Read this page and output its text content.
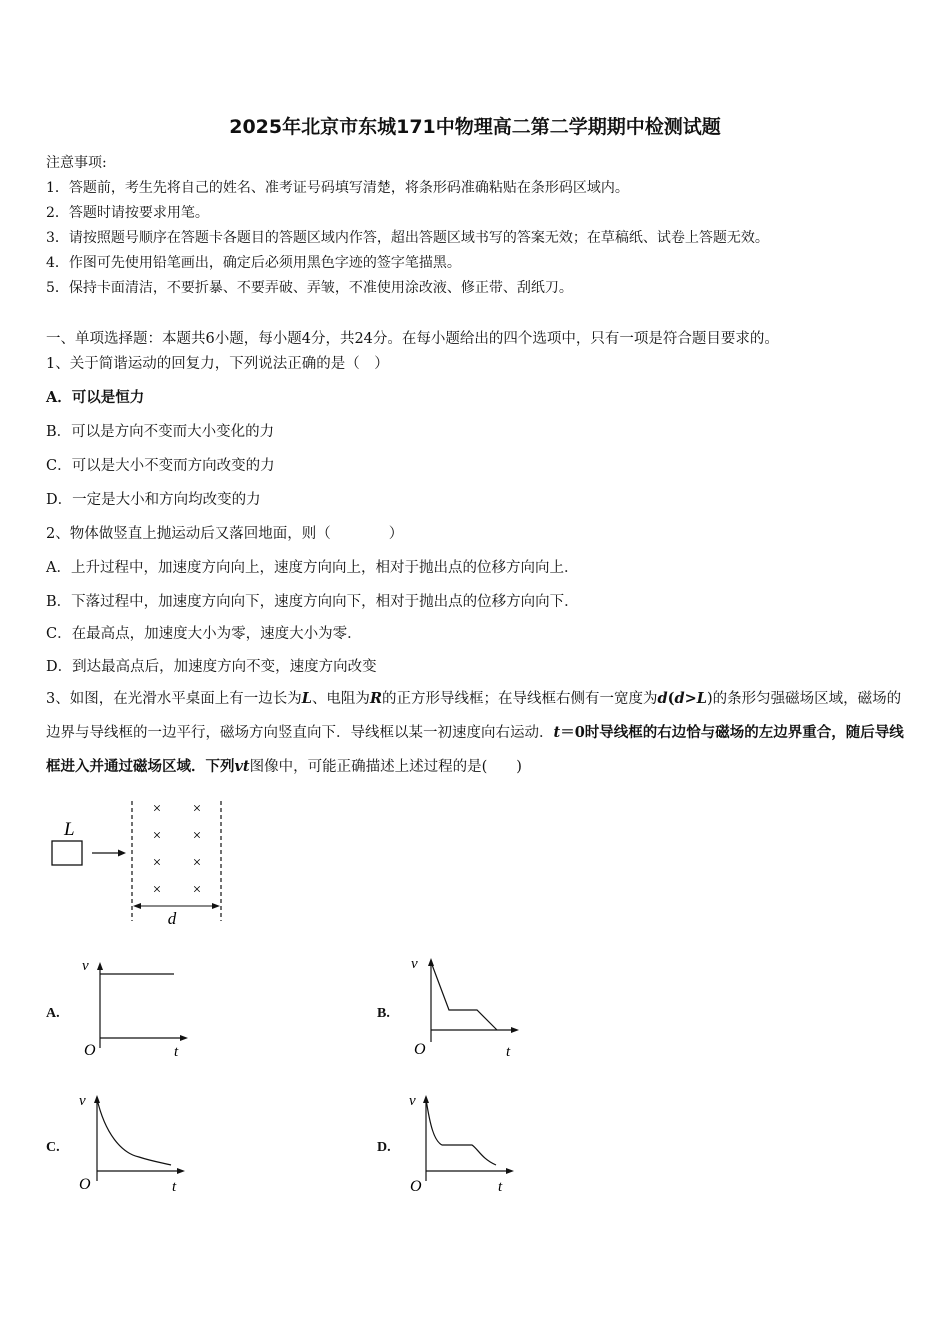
2025年北京市东城171中物理高二第二学期期中检测试题
注意事项:
1．答题前，考生先将自己的姓名、准考证号码填写清楚，将条形码准确粘贴在条形码区域内。
2．答题时请按要求用笔。
3．请按照题号顺序在答题卡各题目的答题区域内作答，超出答题区域书写的答案无效；在草稿纸、试卷上答题无效。
4．作图可先使用铅笔画出，确定后必须用黑色字迹的签字笔描黑。
5．保持卡面清洁，不要折暴、不要弄破、弄皱，不准使用涂改液、修正带、刮纸刀。
一、单项选择题：本题共6小题，每小题4分，共24分。在每小题给出的四个选项中，只有一项是符合题目要求的。
1、关于简谐运动的回复力，下列说法正确的是（　）
A．可以是恒力
B．可以是方向不变而大小变化的力
C．可以是大小不变而方向改变的力
D．一定是大小和方向均改变的力
2、物体做竖直上抛运动后又落回地面，则（　　　　）
A．上升过程中，加速度方向向上，速度方向向上，相对于抛出点的位移方向向上．
B．下落过程中，加速度方向向下，速度方向向下，相对于抛出点的位移方向向下．
C．在最高点，加速度大小为零，速度大小为零．
D．到达最高点后，加速度方向不变，速度方向改变
3、如图，在光滑水平桌面上有一边长为L、电阻为R的正方形导线框；在导线框右侧有一宽度为d(d>L)的条形匀强磁场区域，磁场的边界与导线框的一边平行，磁场方向竖直向下．导线框以某一初速度向右运动．t＝0时导线框的右边恰与磁场的左边界重合，随后导线框进入并通过磁场区域．下列vt图像中，可能正确描述上述过程的是(　　)
L
× ×
× ×
× ×
× ×
d
A.
v
t
O
B.
v
t
O
C.
v
t
O
D.
v
t
O
